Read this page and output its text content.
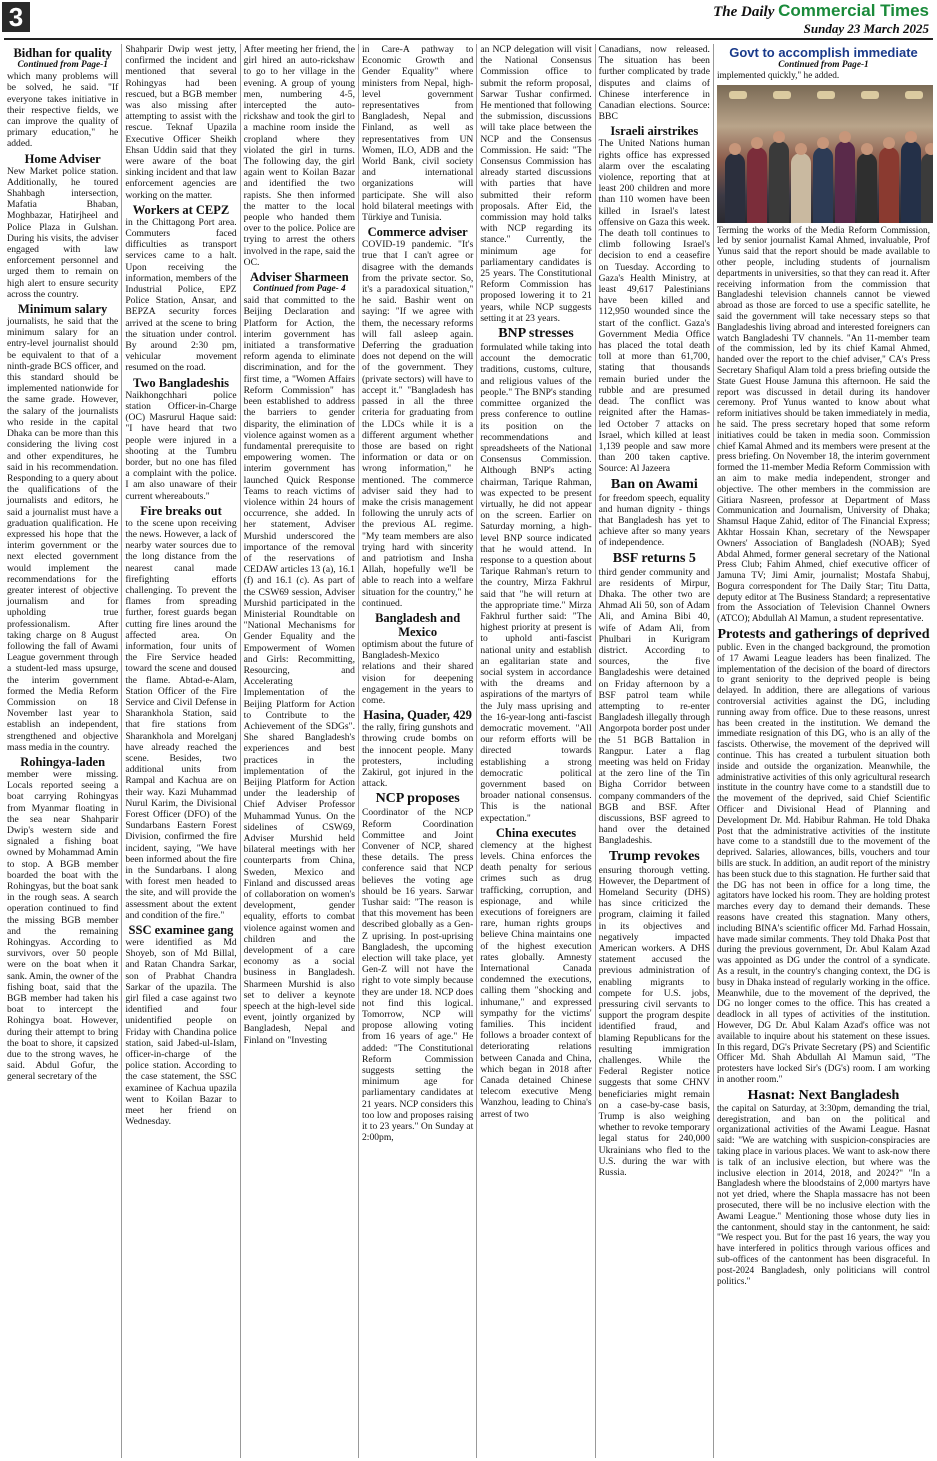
3	The Daily Commercial Times
Sunday 23 March 2025
Bidhan for quality

Continued from Page-1

which many problems will be solved, he said. "If everyone takes initiative in their respective fields, we can improve the quality of primary education," he added.

Home Adviser

New Market police station. Additionally, he toured Shahbagh intersection, Mafatia Bhaban, Moghbazar, Hatirjheel and Police Plaza in Gulshan. During his visits, the adviser engaged with law enforcement personnel and urged them to remain on high alert to ensure security across the country.

Minimum salary

journalists, he said that the minimum salary for an entry-level journalist should be equivalent to that of a ninth-grade BCS officer, and this standard should be implemented nationwide for the same grade. However, the salary of the journalists who reside in the capital Dhaka can be more than this considering the living cost and other expenditures, he said in his recommendation. Responding to a query about the qualifications of the journalists and editors, he said a journalist must have a graduation qualification. He expressed his hope that the interim government or the next elected government would implement the recommendations for the greater interest of objective journalism and for upholding true professionalism. After taking charge on 8 August following the fall of Awami League government through a student-led mass upsurge, the interim government formed the Media Reform Commission on 18 November last year to establish an independent, strengthened and objective mass media in the country.

Rohingya-laden

member were missing. Locals reported seeing a boat carrying Rohingyas from Myanmar floating in the sea near Shahparir Dwip's western side and signaled a fishing boat owned by Mohammad Amin to stop. A BGB member boarded the boat with the Rohingyas, but the boat sank in the rough seas. A search operation continued to find the missing BGB member and the remaining Rohingyas. According to survivors, over 50 people were on the boat when it sank. Amin, the owner of the fishing boat, said that the BGB member had taken his boat to intercept the Rohingya boat. However, during their attempt to bring the boat to shore, it capsized due to the strong waves, he said. Abdul Gofur, the general secretary of the

Shahparir Dwip west jetty, confirmed the incident and mentioned that several Rohingyas had been rescued, but a BGB member was also missing after attempting to assist with the rescue. Teknaf Upazila Executive Officer Sheikh Ehsan Uddin said that they were aware of the boat sinking incident and that law enforcement agencies are working on the matter.

Workers at CEPZ

in the Chittagong Port area. Commuters faced difficulties as transport services came to a halt. Upon receiving the information, members of the Industrial Police, EPZ Police Station, Ansar, and BEPZA security forces arrived at the scene to bring the situation under control. By around 2:30 pm, vehicular movement resumed on the road.

Two Bangladeshis

Naikhongchhari police station Officer-in-Charge (OC) Masrurul Haque said: "I have heard that two people were injured in a shooting at the Tumbru border, but no one has filed a complaint with the police. I am also unaware of their current whereabouts."

Fire breaks out

to the scene upon receiving the news. However, a lack of nearby water sources due to the long distance from the nearest canal made firefighting efforts challenging. To prevent the flames from spreading further, forest guards began cutting fire lines around the affected area. On information, four units of the Fire Service headed toward the scene and doused the flame. Abtad-e-Alam, Station Officer of the Fire Service and Civil Defense in Sharankhola Station, said that fire stations from Sharankhola and Morelganj have already reached the scene. Besides, two additional units from Rampal and Kachua are on their way. Kazi Muhammad Nurul Karim, the Divisional Forest Officer (DFO) of the Sundarbans Eastern Forest Division, confirmed the fire incident, saying, "We have been informed about the fire in the Sundarbans. I along with forest men headed to the site, and will provide the assessment about the extent and condition of the fire."

SSC examinee gang

were identified as Md Shoyeb, son of Md Billal, and Ratan Chandra Sarkar, son of Prabhat Chandra Sarkar of the upazila. The girl filed a case against two identified and four unidentified people on Friday with Chandina police station, said Jabed-ul-Islam, officer-in-charge of the police station. According to the case statement, the SSC examinee of Kachua upazila went to Koilan Bazar to meet her friend on Wednesday.

After meeting her friend, the girl hired an auto-rickshaw to go to her village in the evening. A group of young men, numbering 4-5, intercepted the auto-rickshaw and took the girl to a machine room inside the cropland where they violated the girl in turns. The following day, the girl again went to Koilan Bazar and identified the two rapists. She then informed the matter to the local people who handed them over to the police. Police are trying to arrest the others involved in the rape, said the OC.

Adviser Sharmeen

Continued from Page- 4

said that committed to the Beijing Declaration and Platform for Action, the interim government has initiated a transformative reform agenda to eliminate discrimination, and for the first time, a "Women Affairs Reform Commission" has been established to address the barriers to gender disparity, the elimination of violence against women as a fundamental prerequisite to empowering women. The interim government has launched Quick Response Teams to reach victims of violence within 24 hours of occurrence, she added. In her statement, Adviser Murshid underscored the importance of the removal of the reservations of CEDAW articles 13 (a), 16.1 (f) and 16.1 (c). As part of the CSW69 session, Adviser Murshid participated in the Ministerial Roundtable on "National Mechanisms for Gender Equality and the Empowerment of Women and Girls: Recommitting, Resourcing, and Accelerating Implementation of the Beijing Platform for Action to Contribute to the Achievement of the SDGs". She shared Bangladesh's experiences and best practices in the implementation of the Beijing Platform for Action under the leadership of Chief Adviser Professor Muhammad Yunus. On the sidelines of CSW69, Adviser Murshid held bilateral meetings with her counterparts from China, Sweden, Mexico and Finland and discussed areas of collaboration on women's development, gender equality, efforts to combat violence against women and children and the development of a care economy as a social business in Bangladesh. Sharmeen Murshid is also set to deliver a keynote speech at the high-level side event, jointly organized by Bangladesh, Nepal and Finland on "Investing

in Care-A pathway to Economic Growth and Gender Equality" where ministers from Nepal, high-level government representatives from Bangladesh, Nepal and Finland, as well as representatives from UN Women, ILO, ADB and the World Bank, civil society and international organizations will participate. She will also hold bilateral meetings with Türkiye and Tunisia.

Commerce adviser

COVID-19 pandemic. "It's true that I can't agree or disagree with the demands from the private sector. So, it's a paradoxical situation," he said. Bashir went on saying: "If we agree with them, the necessary reforms will fall asleep again. Deferring the graduation does not depend on the will of the government. They (private sectors) will have to accept it." "Bangladesh has passed in all the three criteria for graduating from the LDCs while it is a different argument whether those are based on right information or data or on wrong information," he mentioned. The commerce adviser said they had to make the crisis management following the unruly acts of the previous AL regime. "My team members are also trying hard with sincerity and patriotism and Insha Allah, hopefully we'll be able to reach into a welfare situation for the country," he continued.

Bangladesh and Mexico

optimism about the future of Bangladesh-Mexico relations and their shared vision for deepening engagement in the years to come.

Hasina, Quader, 429

the rally, firing gunshots and throwing crude bombs on the innocent people. Many protesters, including Zakirul, got injured in the attack.

NCP proposes

Coordinator of the NCP Reform Coordination Committee and Joint Convener of NCP, shared these details. The press conference said that NCP believes the voting age should be 16 years. Sarwar Tushar said: "The reason is that this movement has been described globally as a Gen-Z uprising. In post-uprising Bangladesh, the upcoming election will take place, yet Gen-Z will not have the right to vote simply because they are under 18. NCP does not find this logical. Tomorrow, NCP will propose allowing voting from 16 years of age." He added: "The Constitutional Reform Commission suggests setting the minimum age for parliamentary candidates at 21 years. NCP considers this too low and proposes raising it to 23 years." On Sunday at 2:00pm,

an NCP delegation will visit the National Consensus Commission office to submit the reform proposal, Sarwar Tushar confirmed. He mentioned that following the submission, discussions will take place between the NCP and the Consensus Commission. He said: "The Consensus Commission has already started discussions with parties that have submitted their reform proposals. After Eid, the commission may hold talks with NCP regarding its stance." Currently, the minimum age for parliamentary candidates is 25 years. The Constitutional Reform Commission has proposed lowering it to 21 years, while NCP suggests setting it at 23 years.

BNP stresses

formulated while taking into account the democratic traditions, customs, culture, and religious values of the people." The BNP's standing committee organized the press conference to outline its position on the recommendations and spreadsheets of the National Consensus Commission. Although BNP's acting chairman, Tarique Rahman, was expected to be present virtually, he did not appear on the screen. Earlier on Saturday morning, a high-level BNP source indicated that he would attend. In response to a question about Tarique Rahman's return to the country, Mirza Fakhrul said that "he will return at the appropriate time." Mirza Fakhrul further said: "The highest priority at present is to uphold anti-fascist national unity and establish an egalitarian state and social system in accordance with the dreams and aspirations of the martyrs of the July mass uprising and the 16-year-long anti-fascist democratic movement. "All our reform efforts will be directed towards establishing a strong democratic political government based on broader national consensus. This is the national expectation."

China executes

clemency at the highest levels. China enforces the death penalty for serious crimes such as drug trafficking, corruption, and espionage, and while executions of foreigners are rare, human rights groups believe China maintains one of the highest execution rates globally. Amnesty International Canada condemned the executions, calling them "shocking and inhumane," and expressed sympathy for the victims' families. This incident follows a broader context of deteriorating relations between Canada and China, which began in 2018 after Canada detained Chinese telecom executive Meng Wanzhou, leading to China's arrest of two

Canadians, now released. The situation has been further complicated by trade disputes and claims of Chinese interference in Canadian elections. Source: BBC

Israeli airstrikes

The United Nations human rights office has expressed alarm over the escalating violence, reporting that at least 200 children and more than 110 women have been killed in Israel's latest offensive on Gaza this week. The death toll continues to climb following Israel's decision to end a ceasefire on Tuesday. According to Gaza's Health Ministry, at least 49,617 Palestinians have been killed and 112,950 wounded since the start of the conflict. Gaza's Government Media Office has placed the total death toll at more than 61,700, stating that thousands remain buried under the rubble and are presumed dead. The conflict was reignited after the Hamas-led October 7 attacks on Israel, which killed at least 1,139 people and saw more than 200 taken captive. Source: Al Jazeera

Ban on Awami

for freedom speech, equality and human dignity - things that Bangladesh has yet to achieve after so many years of independence.

BSF returns 5

third gender community and are residents of Mirpur, Dhaka. The other two are Ahmad Ali 50, son of Adam Ali, and Amina Bibi 40, wife of Adam Ali, from Phulbari in Kurigram district. According to sources, the five Bangladeshis were detained on Friday afternoon by a BSF patrol team while attempting to re-enter Bangladesh illegally through Angorpota border post under the 51 BGB Battalion in Rangpur. Later a flag meeting was held on Friday at the zero line of the Tin Bigha Corridor between company commanders of the BGB and BSF. After discussions, BSF agreed to hand over the detained Bangladeshis.

Trump revokes

ensuring thorough vetting. However, the Department of Homeland Security (DHS) has since criticized the program, claiming it failed in its objectives and negatively impacted American workers. A DHS statement accused the previous administration of enabling migrants to compete for U.S. jobs, pressuring civil servants to support the program despite identified fraud, and blaming Republicans for the resulting immigration challenges. While the Federal Register notice suggests that some CHNV beneficiaries might remain on a case-by-case basis, Trump is also weighing whether to revoke temporary legal status for 240,000 Ukrainians who fled to the U.S. during the war with Russia.

Govt to accomplish immediate

Continued from Page-1

implemented quickly," he added.

Terming the works of the Media Reform Commission, led by senior journalist Kamal Ahmed, invaluable, Prof Yunus said that the report should be made available to other people, including students of journalism departments in universities, so that they can read it. After receiving information from the commission that Bangladeshi television channels cannot be viewed abroad as those are forced to use a specific satellite, he said the government will take necessary steps so that Bangladeshis living abroad and interested foreigners can watch Bangladeshi TV channels. "An 11-member team of the commission, led by its chief Kamal Ahmed, handed over the report to the chief adviser," CA's Press Secretary Shafiqul Alam told a press briefing outside the State Guest House Jamuna this afternoon. He said the report was discussed in detail during its handover ceremony. Prof Yunus wanted to know about what reform initiatives should be taken immediately in media, he said. The press secretary hoped that some reform initiatives could be taken in media soon. Commission chief Kamal Ahmed and its members were present at the press briefing. On November 18, the interim government formed the 11-member Media Reform Commission with an aim to make media independent, stronger and objective. The other members in the commission are Gitiara Nasreen, professor at Department of Mass Communication and Journalism, University of Dhaka; Shamsul Haque Zahid, editor of The Financial Express; Akhtar Hossain Khan, secretary of the Newspaper Owners' Association of Bangladesh (NOAB); Syed Abdal Ahmed, former general secretary of the National Press Club; Fahim Ahmed, chief executive officer of Jamuna TV; Jimi Amir, journalist; Mostafa Shabuj, Bogura correspondent for The Daily Star; Titu Datta, deputy editor at The Business Standard; a representative from the Association of Television Channel Owners (ATCO); Abdullah Al Mamun, a student representative.

Protests and gatherings of deprived

public. Even in the changed background, the promotion of 17 Awami League leaders has been finalized. The implementation of the decision of the board of directors to grant seniority to the deprived people is being delayed. In addition, there are allegations of various controversial activities against the DG, including running away from office. Due to these reasons, unrest has been created in the institution. We demand the immediate resignation of this DG, who is an ally of the fascists. Otherwise, the movement of the deprived will continue. This has created a turbulent situation both inside and outside the organization. Meanwhile, the administrative activities of this only agricultural research institute in the country have come to a standstill due to the movement of the deprived, said Chief Scientific Officer and Divisional Head of Planning and Development Dr. Md. Habibur Rahman. He told Dhaka Post that the administrative activities of the institute have come to a standstill due to the movement of the deprived. Salaries, allowances, bills, vouchers and tour bills are stuck. In addition, an audit report of the ministry has been stuck due to this stagnation. He further said that the DG has not been in office for a long time, the agitators have locked his room. They are holding protest marches every day to demand their demands. These reasons have created this stagnation. Many others, including BINA's scientific officer Md. Farhad Hossain, have made similar comments. They told Dhaka Post that during the previous government, Dr. Abul Kalam Azad was appointed as DG under the control of a syndicate. As a result, in the country's changing context, the DG is busy in Dhaka instead of regularly working in the office. Meanwhile, due to the movement of the deprived, the DG no longer comes to the office. This has created a deadlock in all types of activities of the institution. However, DG Dr. Abul Kalam Azad's office was not available to inquire about his statement on these issues. In this regard, DG's Private Secretary (PS) and Scientific Officer Md. Shah Abdullah Al Mamun said, "The protesters have locked Sir's (DG's) room. I am working in another room."

Hasnat: Next Bangladesh

the capital on Saturday, at 3:30pm, demanding the trial, deregistration, and ban on the political and organizational activities of the Awami League. Hasnat said: "We are watching with suspicion-conspiracies are taking place in various places. We want to ask-now there is talk of an inclusive election, but where was the inclusive election in 2014, 2018, and 2024?" "In a Bangladesh where the bloodstains of 2,000 martyrs have not yet dried, where the Shapla massacre has not been prosecuted, there will be no inclusive election with the Awami League." Mentioning those whose duty lies in the cantonment, should stay in the cantonment, he said: "We respect you. But for the past 16 years, the way you have interfered in politics through various offices and sub-offices of the cantonment has been disgraceful. In post-2024 Bangladesh, only politicians will control politics."
